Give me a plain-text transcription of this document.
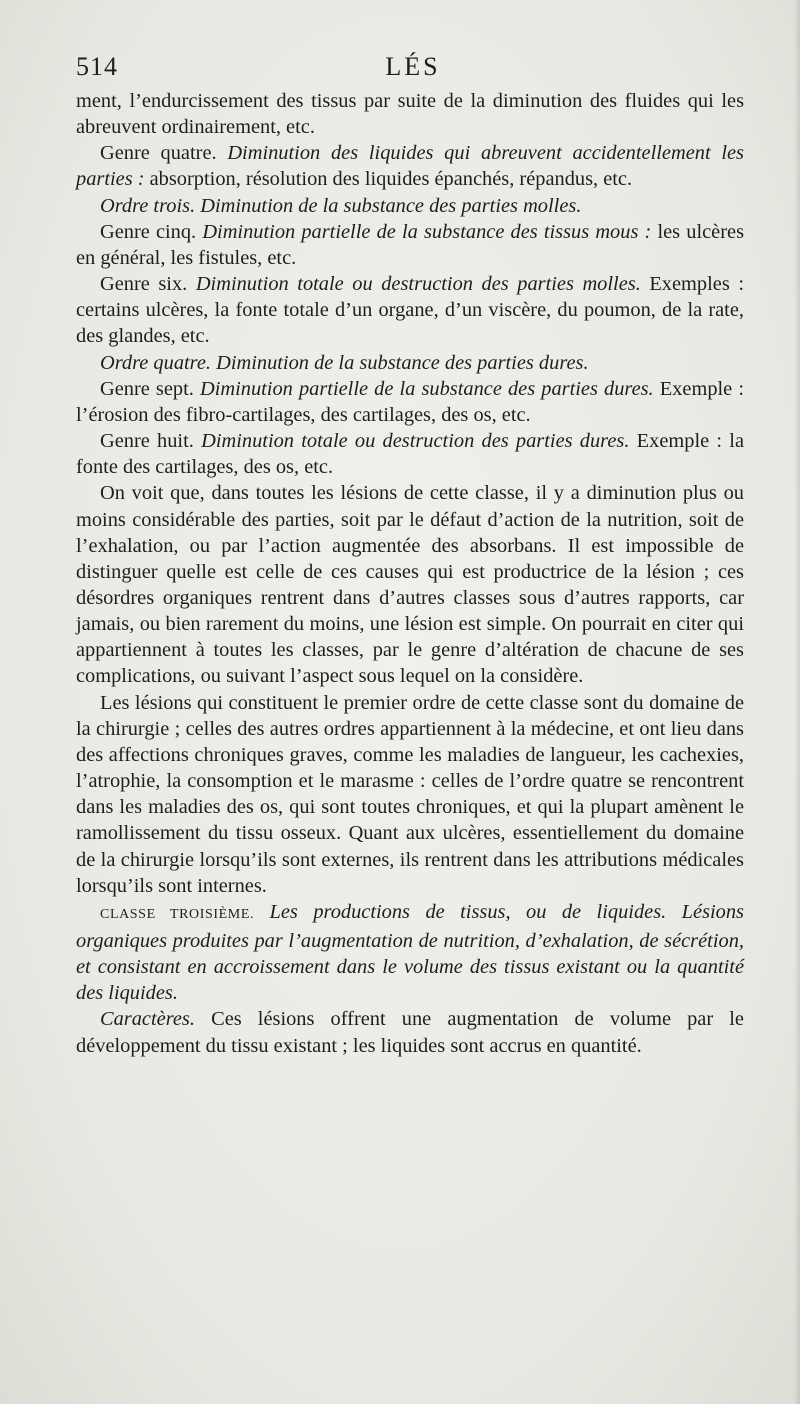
514	LÉS

ment, l’endurcissement des tissus par suite de la diminution des fluides qui les abreuvent ordinairement, etc.

Genre quatre. Diminution des liquides qui abreuvent accidentellement les parties : absorption, résolution des liquides épanchés, répandus, etc.

Ordre trois. Diminution de la substance des parties molles.

Genre cinq. Diminution partielle de la substance des tissus mous : les ulcères en général, les fistules, etc.

Genre six. Diminution totale ou destruction des parties molles. Exemples : certains ulcères, la fonte totale d’un organe, d’un viscère, du poumon, de la rate, des glandes, etc.

Ordre quatre. Diminution de la substance des parties dures.

Genre sept. Diminution partielle de la substance des parties dures. Exemple : l’érosion des fibro-cartilages, des cartilages, des os, etc.

Genre huit. Diminution totale ou destruction des parties dures. Exemple : la fonte des cartilages, des os, etc.

On voit que, dans toutes les lésions de cette classe, il y a diminution plus ou moins considérable des parties, soit par le défaut d’action de la nutrition, soit de l’exhalation, ou par l’action augmentée des absorbans. Il est impossible de distinguer quelle est celle de ces causes qui est productrice de la lésion ; ces désordres organiques rentrent dans d’autres classes sous d’autres rapports, car jamais, ou bien rarement du moins, une lésion est simple. On pourrait en citer qui appartiennent à toutes les classes, par le genre d’altération de chacune de ses complications, ou suivant l’aspect sous lequel on la considère.

Les lésions qui constituent le premier ordre de cette classe sont du domaine de la chirurgie ; celles des autres ordres appartiennent à la médecine, et ont lieu dans des affections chroniques graves, comme les maladies de langueur, les cachexies, l’atrophie, la consomption et le marasme : celles de l’ordre quatre se rencontrent dans les maladies des os, qui sont toutes chroniques, et qui la plupart amènent le ramollissement du tissu osseux. Quant aux ulcères, essentiellement du domaine de la chirurgie lorsqu’ils sont externes, ils rentrent dans les attributions médicales lorsqu’ils sont internes.

CLASSE TROISIÈME. Les productions de tissus, ou de liquides. Lésions organiques produites par l’augmentation de nutrition, d’exhalation, de sécrétion, et consistant en accroissement dans le volume des tissus existant ou la quantité des liquides.

Caractères. Ces lésions offrent une augmentation de volume par le développement du tissu existant ; les liquides sont accrus en quantité.
